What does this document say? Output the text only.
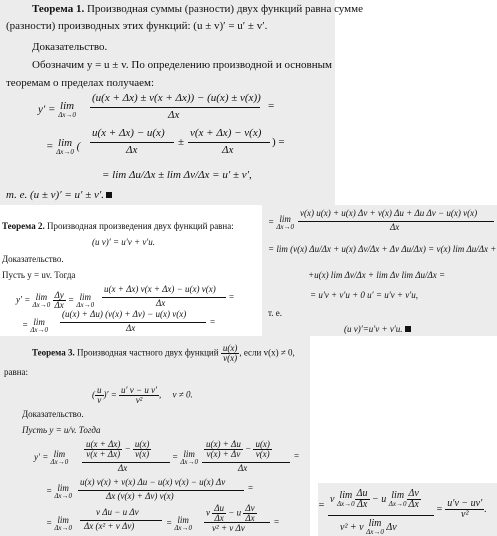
Теорема 1. Производная суммы (разности) двух функций равна сумме
(разности) производных этих функций: (u ± v)′ = u′ ± v′.
Доказательство.
Обозначим y = u ± v. По определению производной и основным
теоремам о пределах получаем:
y′ = lim
Δx→0
(u(x + Δx) ± v(x + Δx)) − (u(x) ± v(x))
Δx
=
= lim
Δx→0 (
u(x + Δx) − u(x)
Δx
±
v(x + Δx) − v(x)
Δx
) =
= lim Δu/Δx ± lim Δv/Δx = u′ ± v′,
т. е. (u ± v)′ = u′ ± v′.
Теорема 2. Производная произведения двух функций равна:
(u v)′ = u′v + v′u.
Доказательство.
Пусть y = uv. Тогда
y′ = lim
Δx→0
$\frac{\Delta y}{\Delta x} = \lim$
Δx→0
u(x + Δx) v(x + Δx) − u(x) v(x)
Δx
=
= lim
Δx→0
(u(x) + Δu) (v(x) + Δv) − u(x) v(x)
Δx
=
= lim
Δx→0
v(x) u(x) + u(x) Δv + v(x) Δu + Δu Δv − u(x) v(x)
Δx
= lim (v(x) Δu/Δx + u(x) Δv/Δx + Δv Δu/Δx) = v(x) lim Δu/Δx +
+u(x) lim Δv/Δx + lim Δv lim Δu/Δx =
= u′v + v′u + 0 u′ = u′v + v′u,
т. е.
(u v)′=u′v + v′u.
Теорема 3. Производная частного двух функций $\frac{u(x)}{v(x)}$ , если v(x) ≠ 0,
равна:
( $\frac{u}{v}$ )′ = $\frac{\text{u′ v − u v′}}{\text{v²}}$ ,     v ≠ 0.
Доказательство.
Пусть y = u/v. Тогда
y′ = lim
Δx→0
$\frac{u(x + \Delta x)}{v(x + \Delta x)} - \frac{u(x)}{v(x)}$
Δx
= lim
Δx→0
$\frac{u(x) + \Delta u}{v(x) + \Delta v} - \frac{u(x)}{v(x)}$
Δx
=
= lim
Δx→0
u(x) v(x) + v(x) Δu − u(x) v(x) − u(x) Δv
Δx (v(x) + Δv) v(x)
=
= lim
Δx→0
v Δu − u Δv
Δx (x² + v Δv)	= lim
Δx→0
v $\frac{\Delta u}{\Delta x} - u \frac{\Delta v}{\Delta x}$
v² + v Δv
=
=
v lim
$\Delta x\to 0 \frac{\Delta u}{\Delta x} - u$ lim
$\Delta x\to 0 \frac{\Delta v}{\Delta x}$
v² + v lim
Δx→0 Δv
= $\frac{u'v - uv'}{\text{v²}}$ .
